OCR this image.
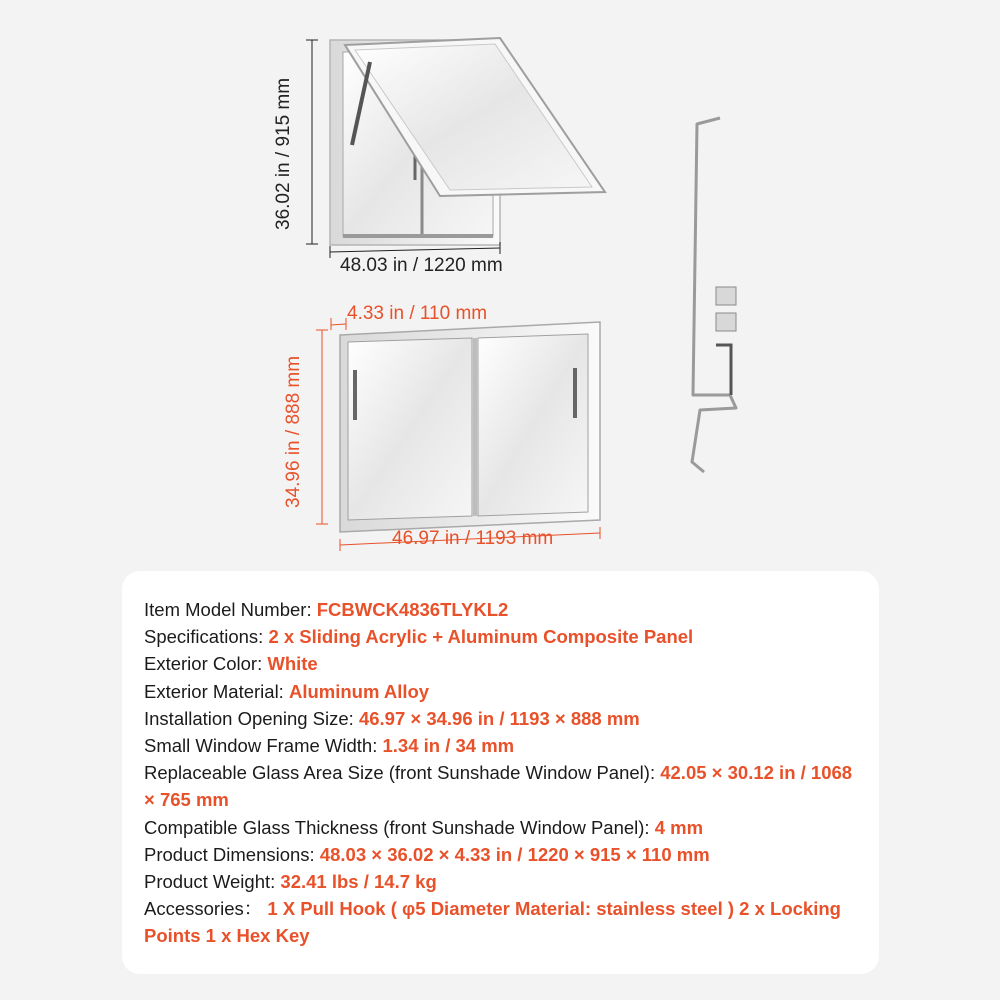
48.03 in / 1220 mm
36.02 in / 915 mm
4.33 in / 110 mm
34.96 in / 888 mm
46.97 in / 1193 mm

Item Model Number: FCBWCK4836TLYKL2

Specifications: 2 x Sliding Acrylic + Aluminum Composite Panel

Exterior Color: White

Exterior Material: Aluminum Alloy

Installation Opening Size: 46.97 × 34.96 in / 1193 × 888 mm

Small Window Frame Width: 1.34 in / 34 mm

Replaceable Glass Area Size (front Sunshade Window Panel): 42.05 × 30.12 in / 1068 × 765 mm

Compatible Glass Thickness (front Sunshade Window Panel): 4 mm

Product Dimensions: 48.03 × 36.02 × 4.33 in / 1220 × 915 × 110 mm

Product Weight: 32.41 lbs / 14.7 kg

Accessories： 1 X Pull Hook ( φ5 Diameter Material: stainless steel ) 2 x Locking Points 1 x Hex Key
